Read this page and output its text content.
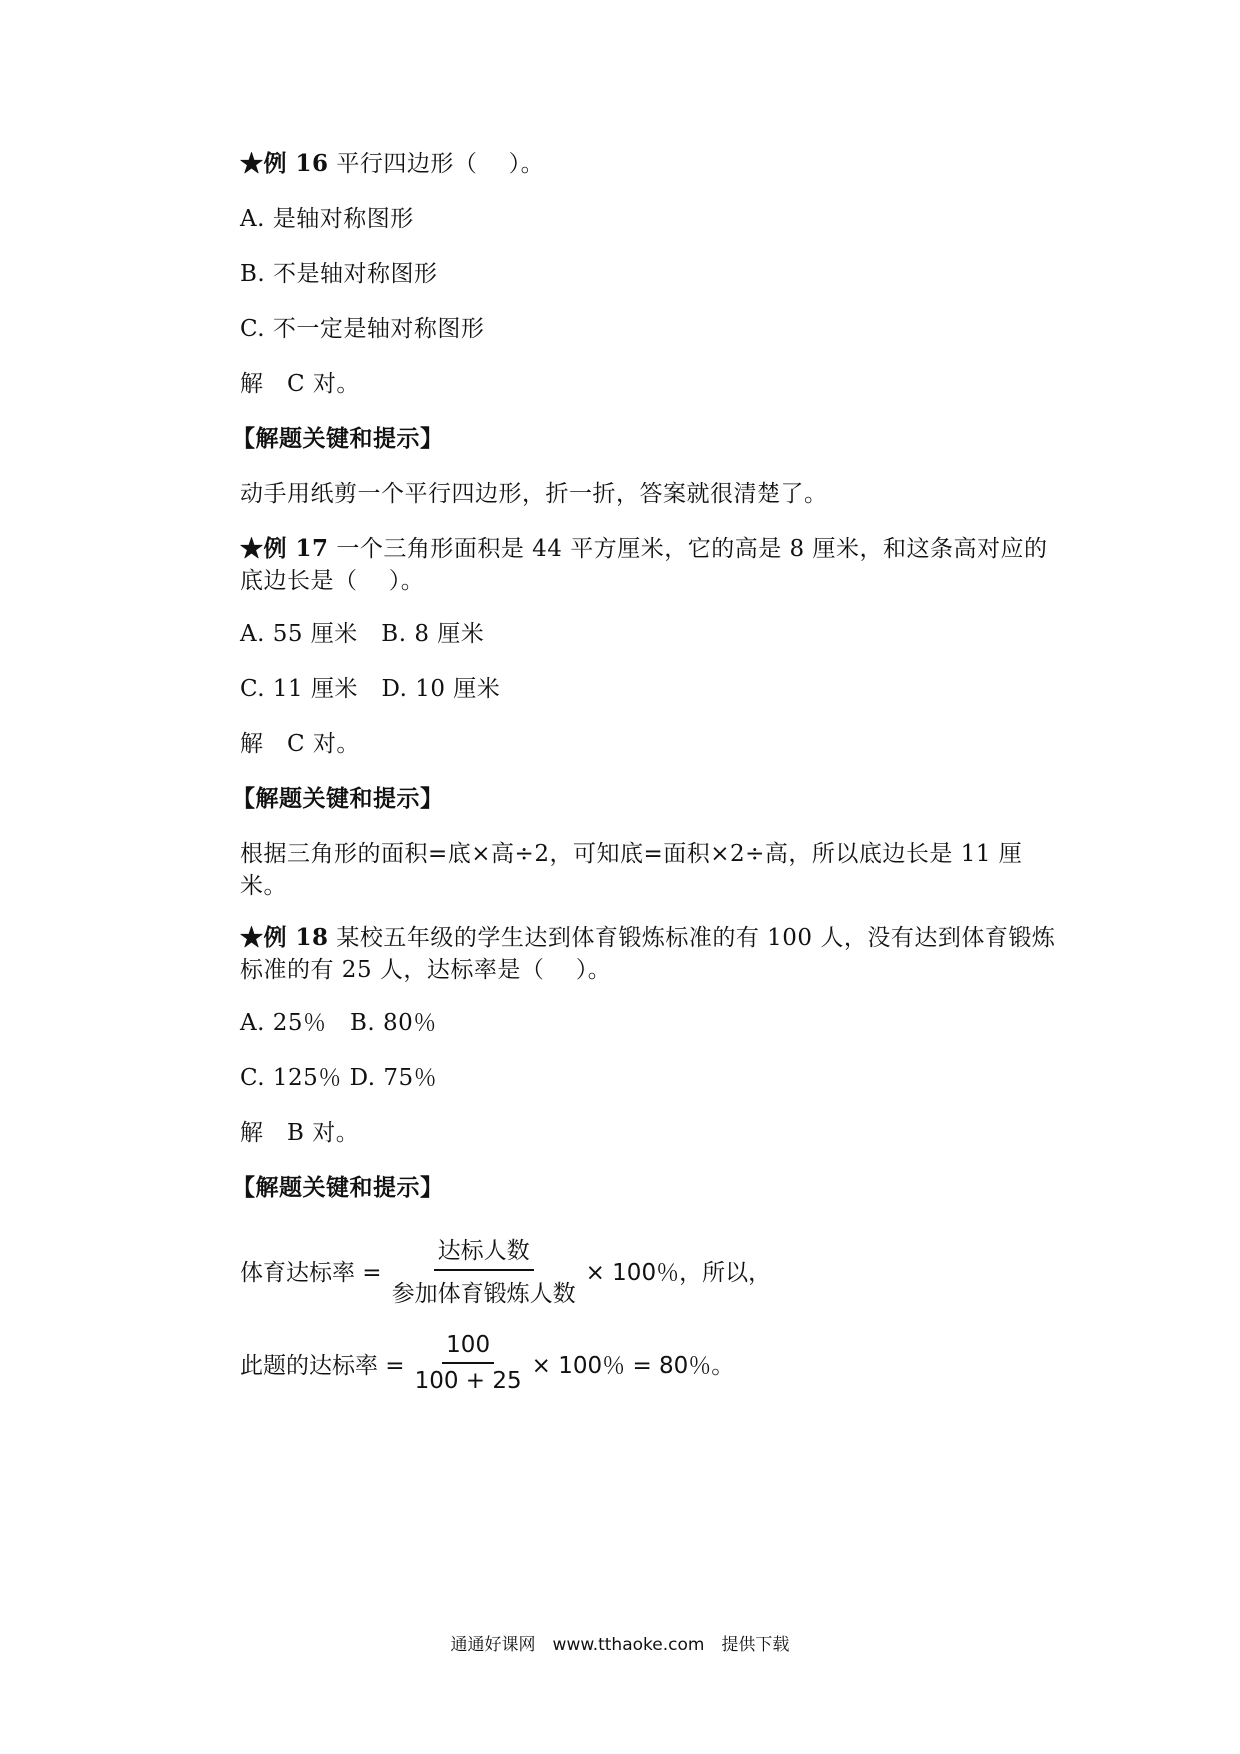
★例 16 平行四边形（　 ）。
A. 是轴对称图形
B. 不是轴对称图形
C. 不一定是轴对称图形
解　C 对。
【解题关键和提示】
动手用纸剪一个平行四边形，折一折，答案就很清楚了。
★例 17 一个三角形面积是 44 平方厘米，它的高是 8 厘米，和这条高对应的底边长是（　 ）。
A. 55 厘米　B. 8 厘米
C. 11 厘米　D. 10 厘米
解　C 对。
【解题关键和提示】
根据三角形的面积=底×高÷2，可知底=面积×2÷高，所以底边长是 11 厘米。
★例 18 某校五年级的学生达到体育锻炼标准的有 100 人，没有达到体育锻炼标准的有 25 人，达标率是（　 ）。
A. 25％　B. 80％
C. 125％ D. 75％
解　B 对。
【解题关键和提示】
体育达标率 = $\frac{\text{达标人数}}{\text{参加体育锻炼人数}} \times 100$％，所以，
此题的达标率 = $\frac{100}{100 + 25} \times 100$％ = 80％。
通通好课网　www.tthaoke.com　提供下载
